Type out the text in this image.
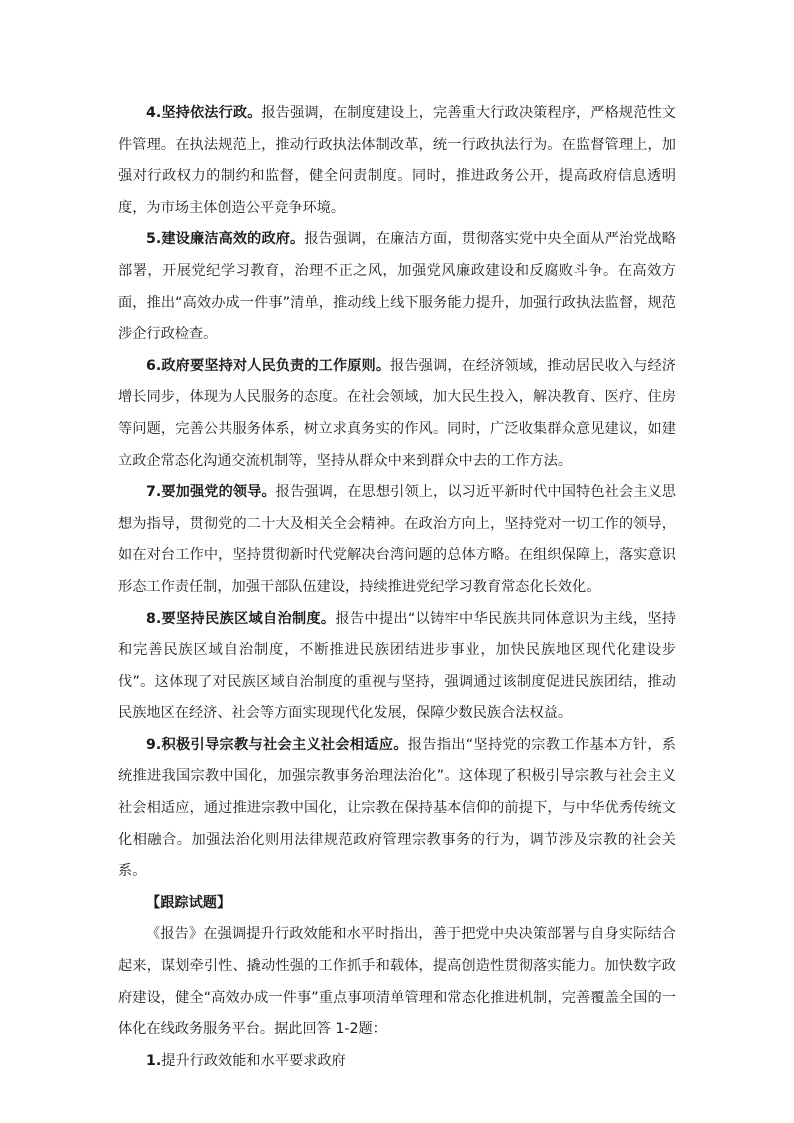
4.坚持依法行政。报告强调，在制度建设上，完善重大行政决策程序，严格规范性文件管理。在执法规范上，推动行政执法体制改革，统一行政执法行为。在监督管理上，加强对行政权力的制约和监督，健全问责制度。同时，推进政务公开，提高政府信息透明度，为市场主体创造公平竞争环境。

5.建设廉洁高效的政府。报告强调，在廉洁方面，贯彻落实党中央全面从严治党战略部署，开展党纪学习教育，治理不正之风，加强党风廉政建设和反腐败斗争。在高效方面，推出“高效办成一件事”清单，推动线上线下服务能力提升，加强行政执法监督，规范涉企行政检查。

6.政府要坚持对人民负责的工作原则。报告强调，在经济领域，推动居民收入与经济增长同步，体现为人民服务的态度。在社会领域，加大民生投入，解决教育、医疗、住房等问题，完善公共服务体系，树立求真务实的作风。同时，广泛收集群众意见建议，如建立政企常态化沟通交流机制等，坚持从群众中来到群众中去的工作方法。

7.要加强党的领导。报告强调，在思想引领上，以习近平新时代中国特色社会主义思想为指导，贯彻党的二十大及相关全会精神。在政治方向上，坚持党对一切工作的领导，如在对台工作中，坚持贯彻新时代党解决台湾问题的总体方略。在组织保障上，落实意识形态工作责任制，加强干部队伍建设，持续推进党纪学习教育常态化长效化。

8.要坚持民族区域自治制度。报告中提出“以铸牢中华民族共同体意识为主线，坚持和完善民族区域自治制度，不断推进民族团结进步事业，加快民族地区现代化建设步伐”。这体现了对民族区域自治制度的重视与坚持，强调通过该制度促进民族团结，推动民族地区在经济、社会等方面实现现代化发展，保障少数民族合法权益。

9.积极引导宗教与社会主义社会相适应。报告指出“坚持党的宗教工作基本方针，系统推进我国宗教中国化，加强宗教事务治理法治化”。这体现了积极引导宗教与社会主义社会相适应，通过推进宗教中国化，让宗教在保持基本信仰的前提下，与中华优秀传统文化相融合。加强法治化则用法律规范政府管理宗教事务的行为，调节涉及宗教的社会关系。

【跟踪试题】

《报告》在强调提升行政效能和水平时指出，善于把党中央决策部署与自身实际结合起来，谋划牵引性、撬动性强的工作抓手和载体，提高创造性贯彻落实能力。加快数字政府建设，健全“高效办成一件事”重点事项清单管理和常态化推进机制，完善覆盖全国的一体化在线政务服务平台。据此回答 1-2题：

1.提升行政效能和水平要求政府
